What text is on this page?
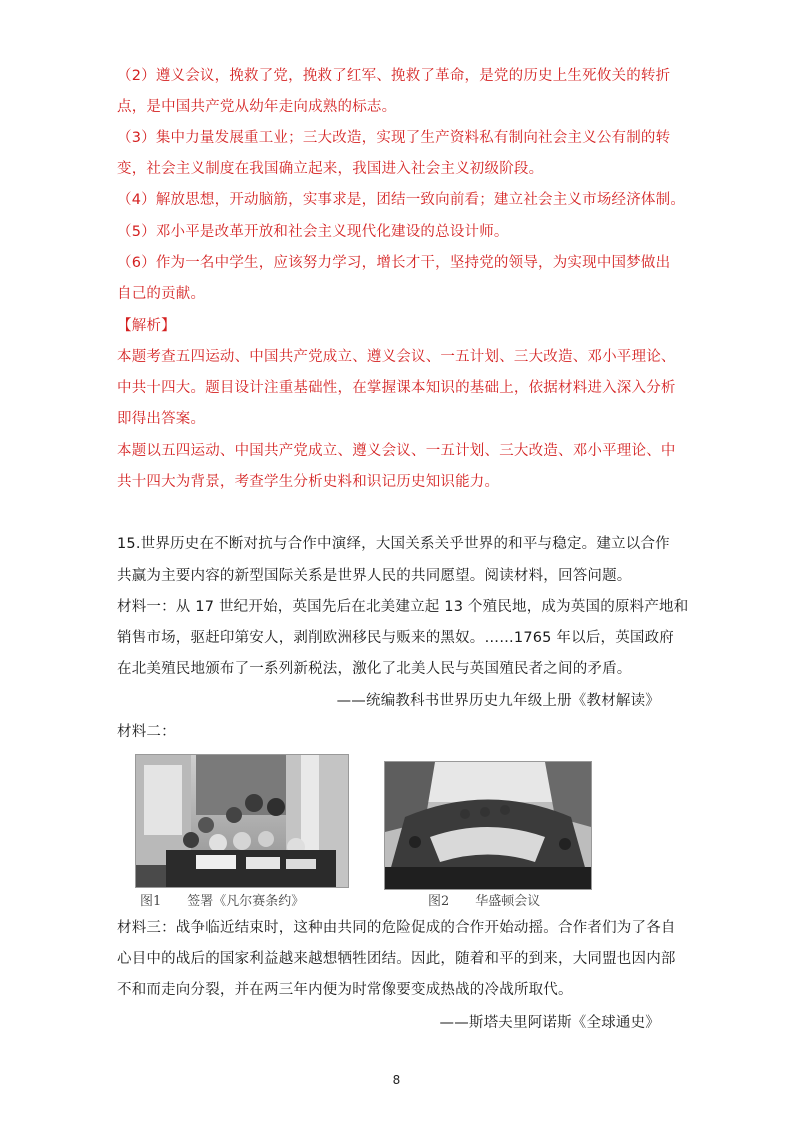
（2）遵义会议，挽救了党，挽救了红军、挽救了革命，是党的历史上生死攸关的转折
点，是中国共产党从幼年走向成熟的标志。
（3）集中力量发展重工业；三大改造，实现了生产资料私有制向社会主义公有制的转
变，社会主义制度在我国确立起来，我国进入社会主义初级阶段。
（4）解放思想，开动脑筋，实事求是，团结一致向前看；建立社会主义市场经济体制。
（5）邓小平是改革开放和社会主义现代化建设的总设计师。
（6）作为一名中学生，应该努力学习，增长才干，坚持党的领导，为实现中国梦做出
自己的贡献。
【解析】
本题考查五四运动、中国共产党成立、遵义会议、一五计划、三大改造、邓小平理论、
中共十四大。题目设计注重基础性，在掌握课本知识的基础上，依据材料进入深入分析
即得出答案。
本题以五四运动、中国共产党成立、遵义会议、一五计划、三大改造、邓小平理论、中
共十四大为背景，考查学生分析史料和识记历史知识能力。
15.世界历史在不断对抗与合作中演绎，大国关系关乎世界的和平与稳定。建立以合作
共赢为主要内容的新型国际关系是世界人民的共同愿望。阅读材料，回答问题。
材料一：从 17 世纪开始，英国先后在北美建立起 13 个殖民地，成为英国的原料产地和
销售市场，驱赶印第安人，剥削欧洲移民与贩来的黑奴。……1765 年以后，英国政府
在北美殖民地颁布了一系列新税法，激化了北美人民与英国殖民者之间的矛盾。
——统编教科书世界历史九年级上册《教材解读》
材料二：
图1　　签署《凡尔赛条约》	图2　　华盛顿会议
材料三：战争临近结束时，这种由共同的危险促成的合作开始动摇。合作者们为了各自
心目中的战后的国家利益越来越想牺牲团结。因此，随着和平的到来，大同盟也因内部
不和而走向分裂，并在两三年内便为时常像要变成热战的冷战所取代。
——斯塔夫里阿诺斯《全球通史》
8
